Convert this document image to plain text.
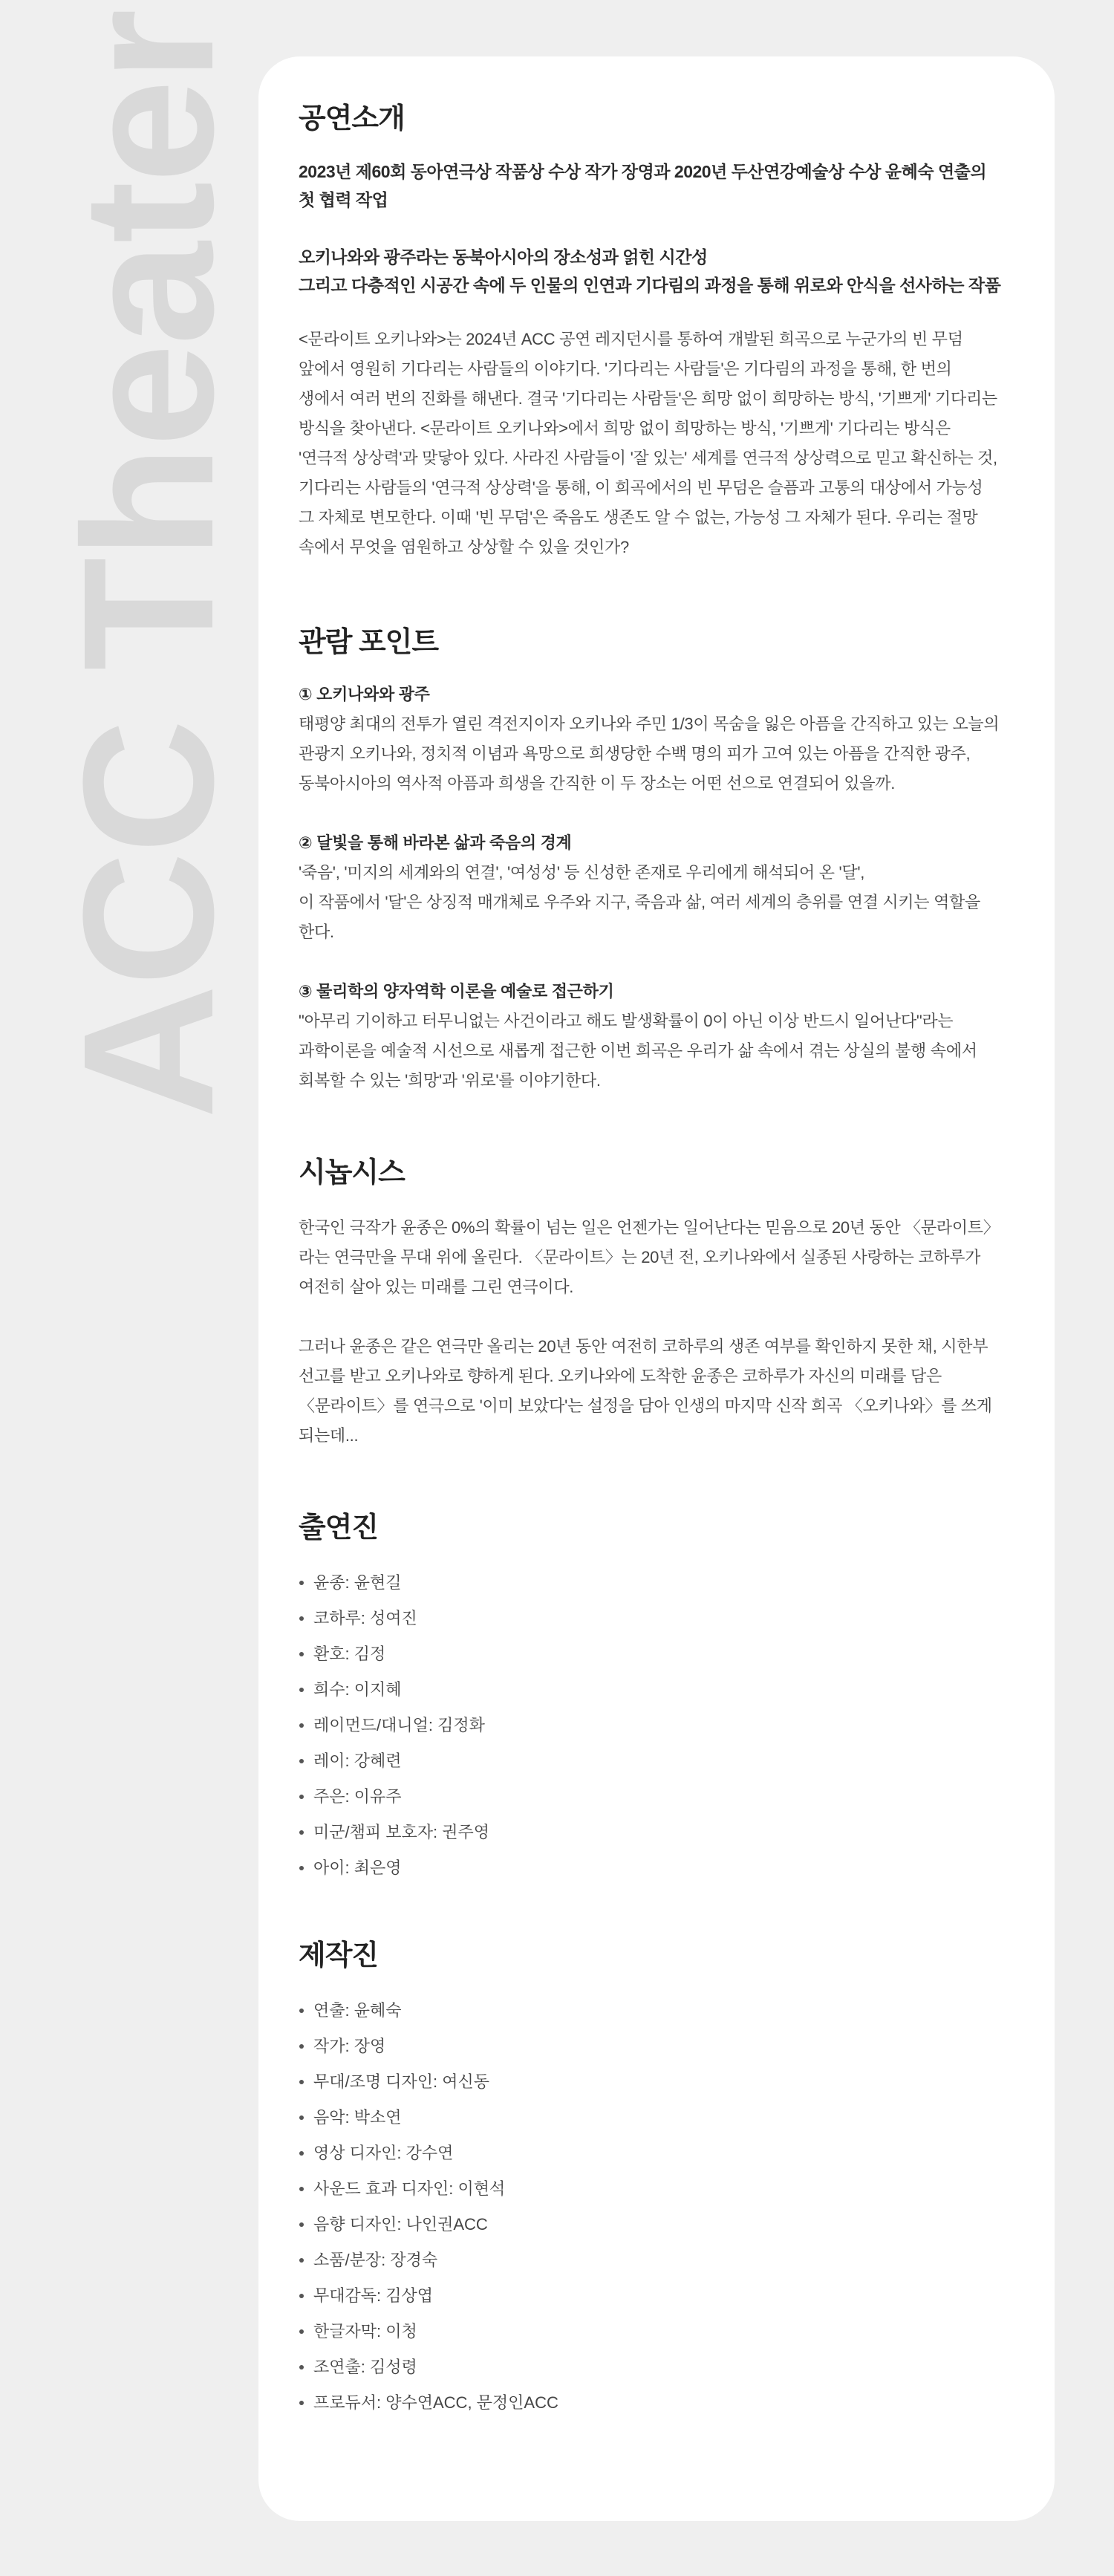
ACC Theater 공연소개

2023년 제60회 동아연극상 작품상 수상 작가 장영과 2020년 두산연강예술상 수상 윤혜숙 연출의

첫 협력 작업

오키나와와 광주라는 동북아시아의 장소성과 얽힌 시간성

그리고 다층적인 시공간 속에 두 인물의 인연과 기다림의 과정을 통해 위로와 안식을 선사하는 작품

<문라이트 오키나와>는 2024년 ACC 공연 레지던시를 통하여 개발된 희곡으로 누군가의 빈 무덤

앞에서 영원히 기다리는 사람들의 이야기다. '기다리는 사람들'은 기다림의 과정을 통해, 한 번의

생에서 여러 번의 진화를 해낸다. 결국 '기다리는 사람들'은 희망 없이 희망하는 방식, '기쁘게' 기다리는

방식을 찾아낸다. <문라이트 오키나와>에서 희망 없이 희망하는 방식, '기쁘게' 기다리는 방식은

'연극적 상상력'과 맞닿아 있다. 사라진 사람들이 '잘 있는' 세계를 연극적 상상력으로 믿고 확신하는 것,

기다리는 사람들의 '연극적 상상력'을 통해, 이 희곡에서의 빈 무덤은 슬픔과 고통의 대상에서 가능성

그 자체로 변모한다. 이때 '빈 무덤'은 죽음도 생존도 알 수 없는, 가능성 그 자체가 된다. 우리는 절망

속에서 무엇을 염원하고 상상할 수 있을 것인가?

관람 포인트

① 오키나와와 광주

태평양 최대의 전투가 열린 격전지이자 오키나와 주민 1/3이 목숨을 잃은 아픔을 간직하고 있는 오늘의

관광지 오키나와, 정치적 이념과 욕망으로 희생당한 수백 명의 피가 고여 있는 아픔을 간직한 광주,

동북아시아의 역사적 아픔과 희생을 간직한 이 두 장소는 어떤 선으로 연결되어 있을까.

② 달빛을 통해 바라본 삶과 죽음의 경계

'죽음', '미지의 세계와의 연결', '여성성' 등 신성한 존재로 우리에게 해석되어 온 '달',

이 작품에서 '달'은 상징적 매개체로 우주와 지구, 죽음과 삶, 여러 세계의 층위를 연결 시키는 역할을

한다.

③ 물리학의 양자역학 이론을 예술로 접근하기

"아무리 기이하고 터무니없는 사건이라고 해도 발생확률이 0이 아닌 이상 반드시 일어난다"라는

과학이론을 예술적 시선으로 새롭게 접근한 이번 희곡은 우리가 삶 속에서 겪는 상실의 불행 속에서

회복할 수 있는 '희망'과 '위로'를 이야기한다.

시놉시스

한국인 극작가 윤종은 0%의 확률이 넘는 일은 언젠가는 일어난다는 믿음으로 20년 동안 〈문라이트〉

라는 연극만을 무대 위에 올린다. 〈문라이트〉는 20년 전, 오키나와에서 실종된 사랑하는 코하루가

여전히 살아 있는 미래를 그린 연극이다.

그러나 윤종은 같은 연극만 올리는 20년 동안 여전히 코하루의 생존 여부를 확인하지 못한 채, 시한부

선고를 받고 오키나와로 향하게 된다. 오키나와에 도착한 윤종은 코하루가 자신의 미래를 담은

〈문라이트〉를 연극으로 '이미 보았다'는 설정을 담아 인생의 마지막 신작 희곡 〈오키나와〉를 쓰게

되는데...

출연진
윤종: 윤현길
코하루: 성여진
환호: 김정
희수: 이지혜
레이먼드/대니얼: 김정화
레이: 강혜련
주은: 이유주
미군/챔피 보호자: 권주영
아이: 최은영
제작진
연출: 윤혜숙
작가: 장영
무대/조명 디자인: 여신동
음악: 박소연
영상 디자인: 강수연
사운드 효과 디자인: 이현석
음향 디자인: 나인권ACC
소품/분장: 장경숙
무대감독: 김상엽
한글자막: 이청
조연출: 김성령
프로듀서: 양수연ACC, 문정인ACC
